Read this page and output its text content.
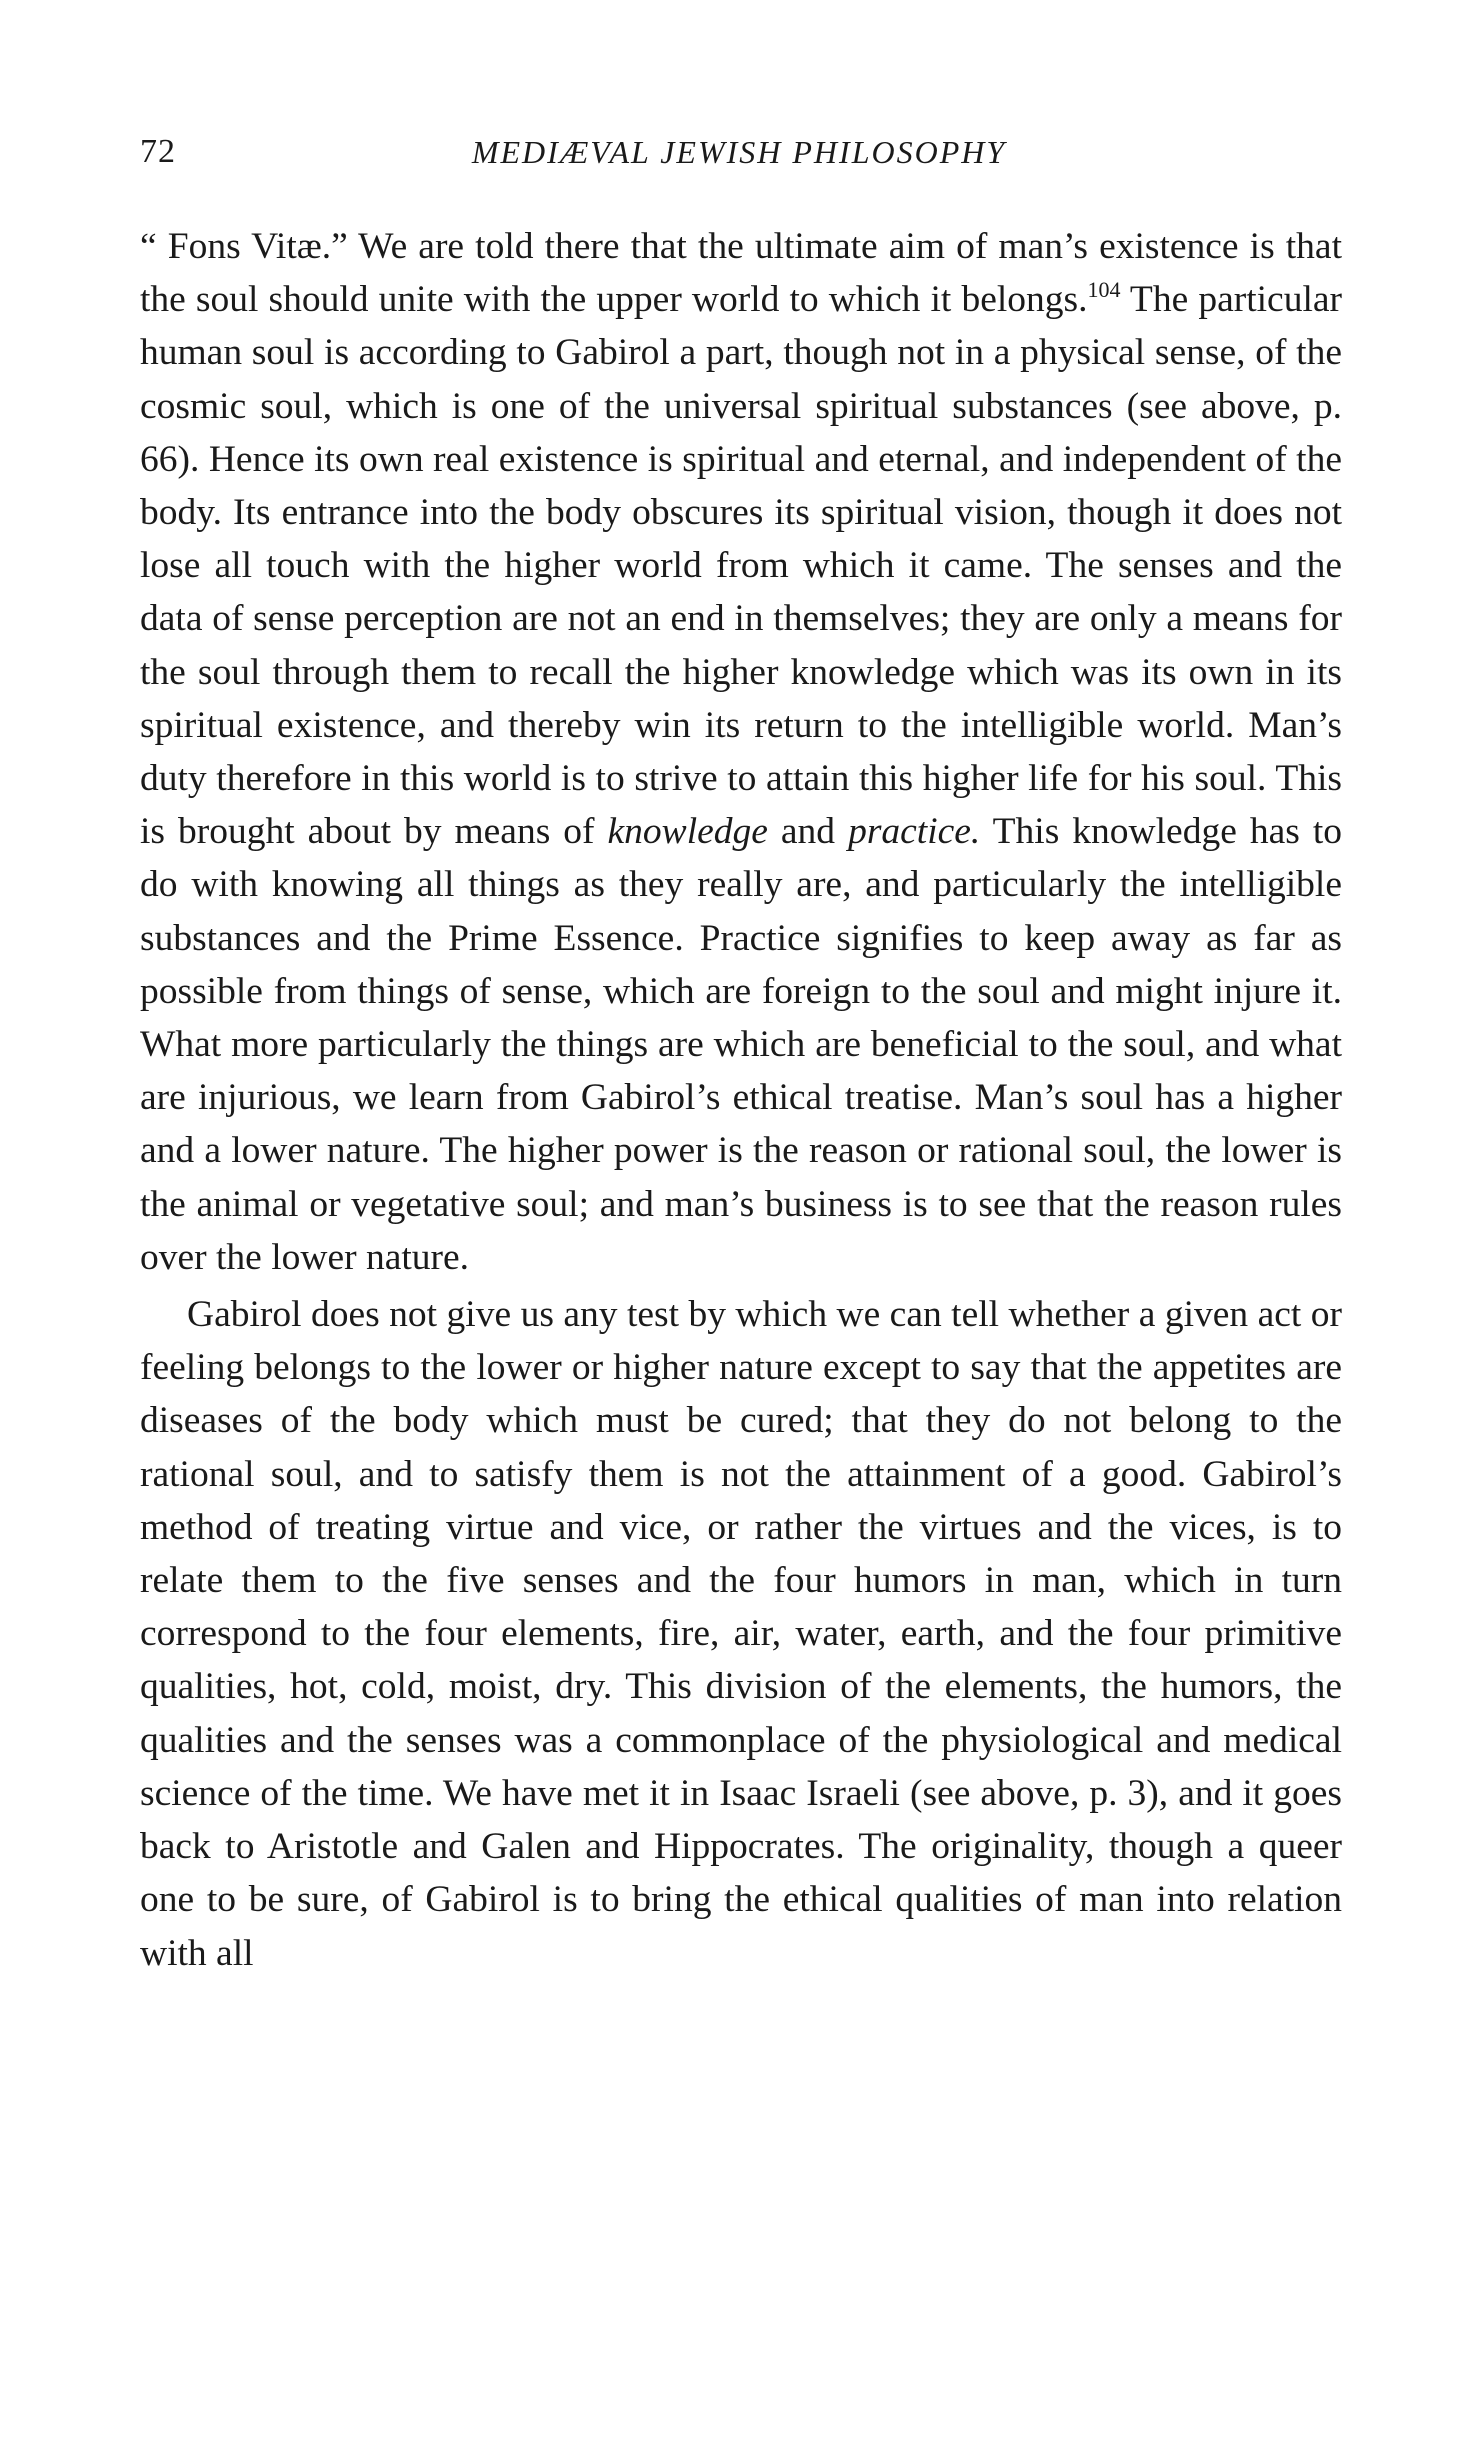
72	MEDIÆVAL JEWISH PHILOSOPHY

“ Fons Vitæ.” We are told there that the ultimate aim of man’s existence is that the soul should unite with the upper world to which it belongs.$^{104}$ The particular human soul is according to Gabirol a part, though not in a physical sense, of the cosmic soul, which is one of the universal spiritual substances (see above, p. 66). Hence its own real existence is spiritual and eternal, and independent of the body. Its entrance into the body obscures its spiritual vision, though it does not lose all touch with the higher world from which it came. The senses and the data of sense perception are not an end in themselves; they are only a means for the soul through them to recall the higher knowledge which was its own in its spiritual existence, and thereby win its return to the intelligible world. Man’s duty therefore in this world is to strive to attain this higher life for his soul. This is brought about by means of knowledge and practice. This knowledge has to do with knowing all things as they really are, and particularly the intelligible substances and the Prime Essence. Practice signifies to keep away as far as possible from things of sense, which are foreign to the soul and might injure it. What more particularly the things are which are beneficial to the soul, and what are injurious, we learn from Gabirol’s ethical treatise. Man’s soul has a higher and a lower nature. The higher power is the reason or rational soul, the lower is the animal or vegetative soul; and man’s business is to see that the reason rules over the lower nature.

Gabirol does not give us any test by which we can tell whether a given act or feeling belongs to the lower or higher nature except to say that the appetites are diseases of the body which must be cured; that they do not belong to the rational soul, and to satisfy them is not the attainment of a good. Gabirol’s method of treating virtue and vice, or rather the virtues and the vices, is to relate them to the five senses and the four humors in man, which in turn correspond to the four elements, fire, air, water, earth, and the four primitive qualities, hot, cold, moist, dry. This division of the elements, the humors, the qualities and the senses was a commonplace of the physiological and medical science of the time. We have met it in Isaac Israeli (see above, p. 3), and it goes back to Aristotle and Galen and Hippocrates. The originality, though a queer one to be sure, of Gabirol is to bring the ethical qualities of man into relation with all
